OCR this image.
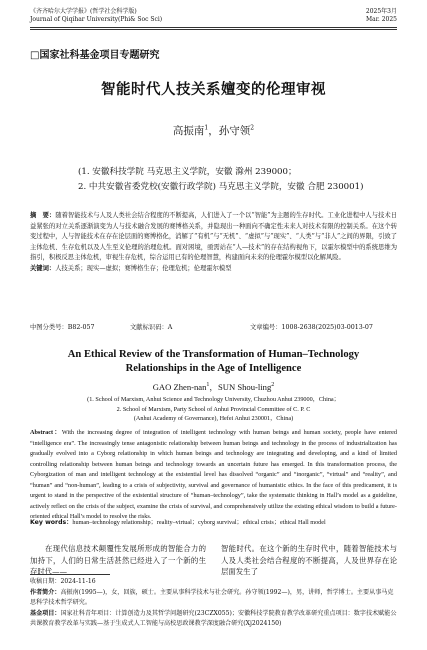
《齐齐哈尔大学学报》(哲学社会科学版)
Journal of Qiqihar University(Phi& Soc Sci)
2025年3月
Mar. 2025
□国家社科基金项目专题研究
智能时代人技关系嬗变的伦理审视
高振南$^1$，孙守领$^2$
(1. 安徽科技学院 马克思主义学院，安徽 滁州 239000；
2. 中共安徽省委党校(安徽行政学院) 马克思主义学院，安徽 合肥 230001)
摘　要：随着智能技术与人及人类社会结合程度的不断提高，人们进入了一个以“智能”为主题的生存时代。工业化进程中人与技术日益紧张的对立关系逐渐演变为人与技术融合发展的赛博格关系，并隐现出一种面向不确定性未来人对技术有限的控制关系。在这个转变过程中，人与智能技术在存在论层面的赛博格化，消解了“有机”与“无机”、“虚拟”与“现实”、“人类”与“非人”之间的界限，引致了主体危机、生存危机以及人生至义伦理的治理危机。面对困境，亟需站在“人—技术”的存在结构视角下，以霍尔模型中的系统思维为指引，积极反思主体危机，审视生存危机，综合运用已有的伦理智慧，构建面向未来的伦理霍尔模型以化解风险。
关键词：人技关系；现实—虚拟；赛博格生存；伦理危机；伦理霍尔模型
中图分类号：B82-057	文献标识码：A	文章编号：1008-2638(2025)03-0013-07
An Ethical Review of the Transformation of Human–Technology
Relationships in the Age of Intelligence
GAO Zhen-nan$^1$，SUN Shou-ling$^2$
(1. School of Marxism, Anhui Science and Technology University, Chuzhou Anhui 239000，China；
2. School of Marxism, Party School of Anhui Provincial Committee of C. P. C
(Anhui Academy of Governance), Hefei Anhui 230001，China)
Abstract：With the increasing degree of integration of intelligent technology with human beings and human society, people have entered “intelligence era”. The increasingly tense antagonistic relationship between human beings and technology in the process of industrialization has gradually evolved into a Cyborg relationship in which human beings and technology are integrating and developing, and a kind of limited controlling relationship between human beings and technology towards an uncertain future has emerged. In this transformation process, the Cyborgization of man and intelligent technology at the existential level has dissolved “organic” and “inorganic”, “virtual” and “reality”, and “human” and “non-human”, leading to a crisis of subjectivity, survival and governance of humanistic ethics. In the face of this predicament, it is urgent to stand in the perspective of the existential structure of “human–technology”, take the systematic thinking in Hall’s model as a guideline, actively reflect on the crisis of the subject, examine the crisis of survival, and comprehensively utilize the existing ethical wisdom to build a future-oriented ethical Hall’s model to resolve the risks.
Key words：human–technology relationship；reality–virtual；cyborg survival；ethical crisis；ethical Hall model
在现代信息技术颠覆性发展所形成的智能合力的加持下，人们的日常生活甚然已经进入了一个新的生存时代——
智能时代。在这个新的生存时代中，随着智能技术与人及人类社会结合程度的不断提高，人及世界存在论层面发生了

收稿日期：2024-11-16

作者简介：高振南(1995—)，女，回族，硕士。主要从事科学技术与社会研究。孙守领(1992—)，男，讲师，哲学博士。主要从事马克思科学技术哲学研究。

基金项目：国家社科青年项目：计算创造力及其哲学问题研究(23CZX055)；安徽科技学院教育教学改革研究重点项目：数字技术赋能公共课教育教学改革与实践—基于生成式人工智能与高校思政课教学深度融合研究(Xj2024150)
